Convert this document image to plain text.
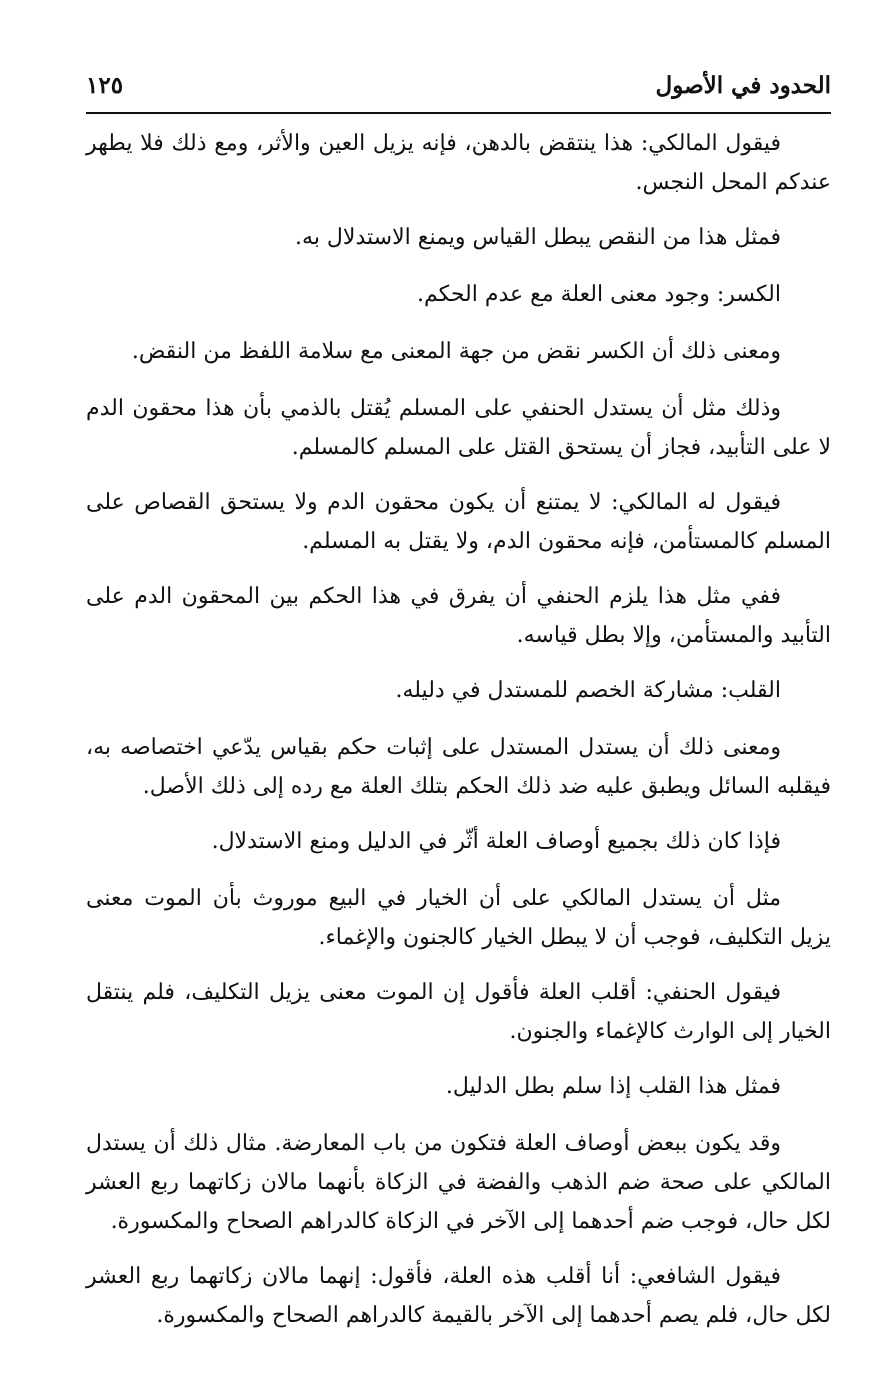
الحدود في الأصول
١٢٥

فيقول المالكي: هذا ينتقض بالدهن، فإنه يزيل العين والأثر، ومع ذلك فلا يطهر عندكم المحل النجس.

فمثل هذا من النقص يبطل القياس ويمنع الاستدلال به.

الكسر: وجود معنى العلة مع عدم الحكم.

ومعنى ذلك أن الكسر نقض من جهة المعنى مع سلامة اللفظ من النقض.

وذلك مثل أن يستدل الحنفي على المسلم يُقتل بالذمي بأن هذا محقون الدم لا على التأبيد، فجاز أن يستحق القتل على المسلم كالمسلم.

فيقول له المالكي: لا يمتنع أن يكون محقون الدم ولا يستحق القصاص على المسلم كالمستأمن، فإنه محقون الدم، ولا يقتل به المسلم.

ففي مثل هذا يلزم الحنفي أن يفرق في هذا الحكم بين المحقون الدم على التأبيد والمستأمن، وإلا بطل قياسه.

القلب: مشاركة الخصم للمستدل في دليله.

ومعنى ذلك أن يستدل المستدل على إثبات حكم بقياس يدّعي اختصاصه به، فيقلبه السائل ويطبق عليه ضد ذلك الحكم بتلك العلة مع رده إلى ذلك الأصل.

فإذا كان ذلك بجميع أوصاف العلة أثّر في الدليل ومنع الاستدلال.

مثل أن يستدل المالكي على أن الخيار في البيع موروث بأن الموت معنى يزيل التكليف، فوجب أن لا يبطل الخيار كالجنون والإغماء.

فيقول الحنفي: أقلب العلة فأقول إن الموت معنى يزيل التكليف، فلم ينتقل الخيار إلى الوارث كالإغماء والجنون.

فمثل هذا القلب إذا سلم بطل الدليل.

وقد يكون ببعض أوصاف العلة فتكون من باب المعارضة. مثال ذلك أن يستدل المالكي على صحة ضم الذهب والفضة في الزكاة بأنهما مالان زكاتهما ربع العشر لكل حال، فوجب ضم أحدهما إلى الآخر في الزكاة كالدراهم الصحاح والمكسورة.

فيقول الشافعي: أنا أقلب هذه العلة، فأقول: إنهما مالان زكاتهما ربع العشر لكل حال، فلم يصم أحدهما إلى الآخر بالقيمة كالدراهم الصحاح والمكسورة.
